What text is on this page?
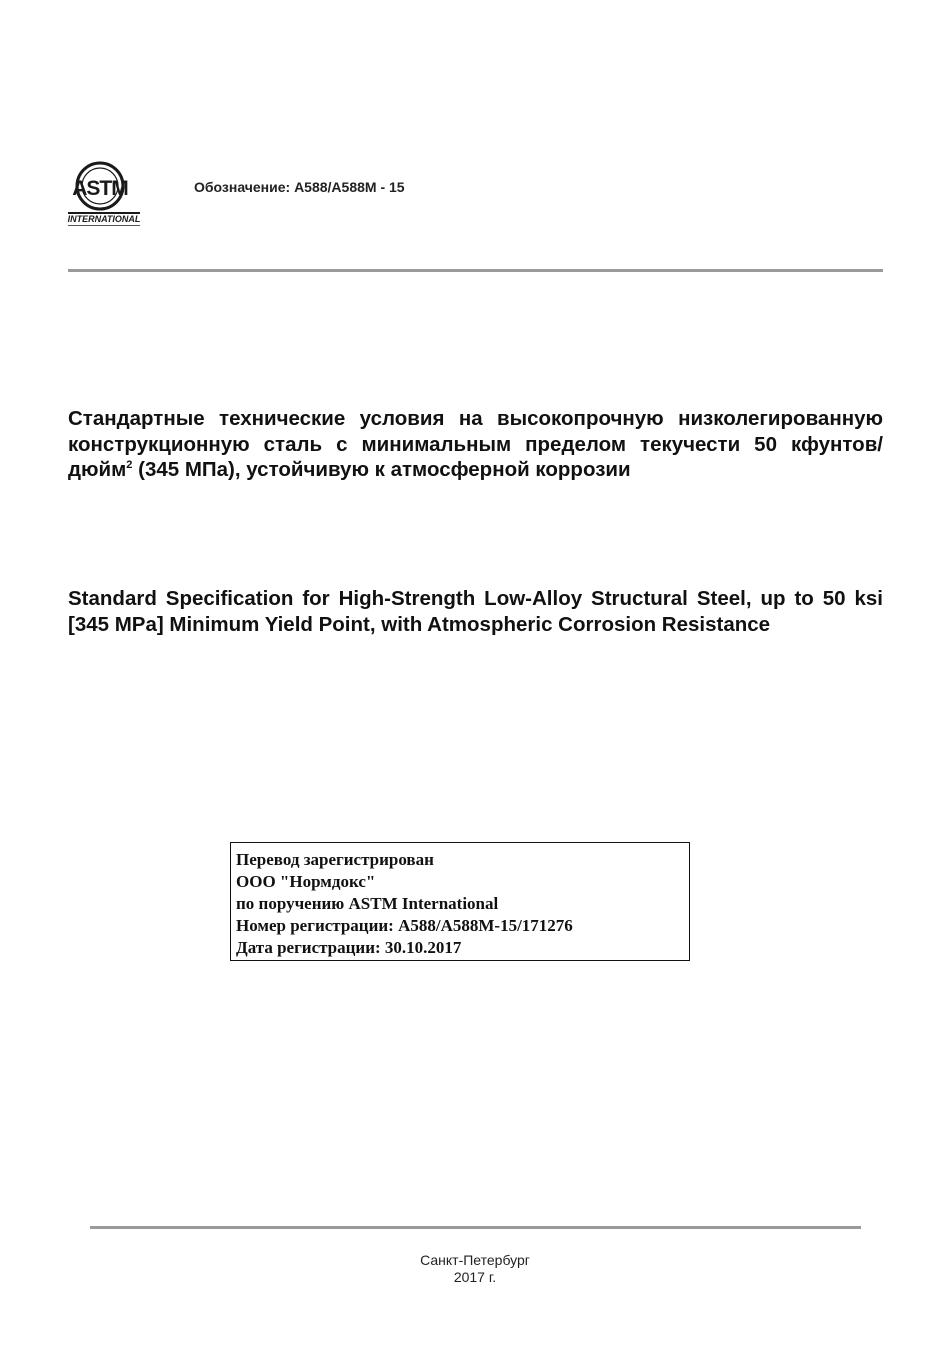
ASTM
INTERNATIONAL
Обозначение: A588/A588M - 15
Стандартные технические условия на высокопрочную низколегированную конструкционную сталь с минимальным пределом текучести 50 кфунтов/дюйм$^2$ (345 МПа), устойчивую к атмосферной коррозии
Standard Specification for High-Strength Low-Alloy Structural Steel, up to 50 ksi [345 MPa] Minimum Yield Point, with Atmospheric Corrosion Resistance
Перевод зарегистрирован
ООО "Нормдокс"
по поручению ASTM International
Номер регистрации: A588/A588M-15/171276
Дата регистрации: 30.10.2017
Санкт-Петербург
2017 г.
